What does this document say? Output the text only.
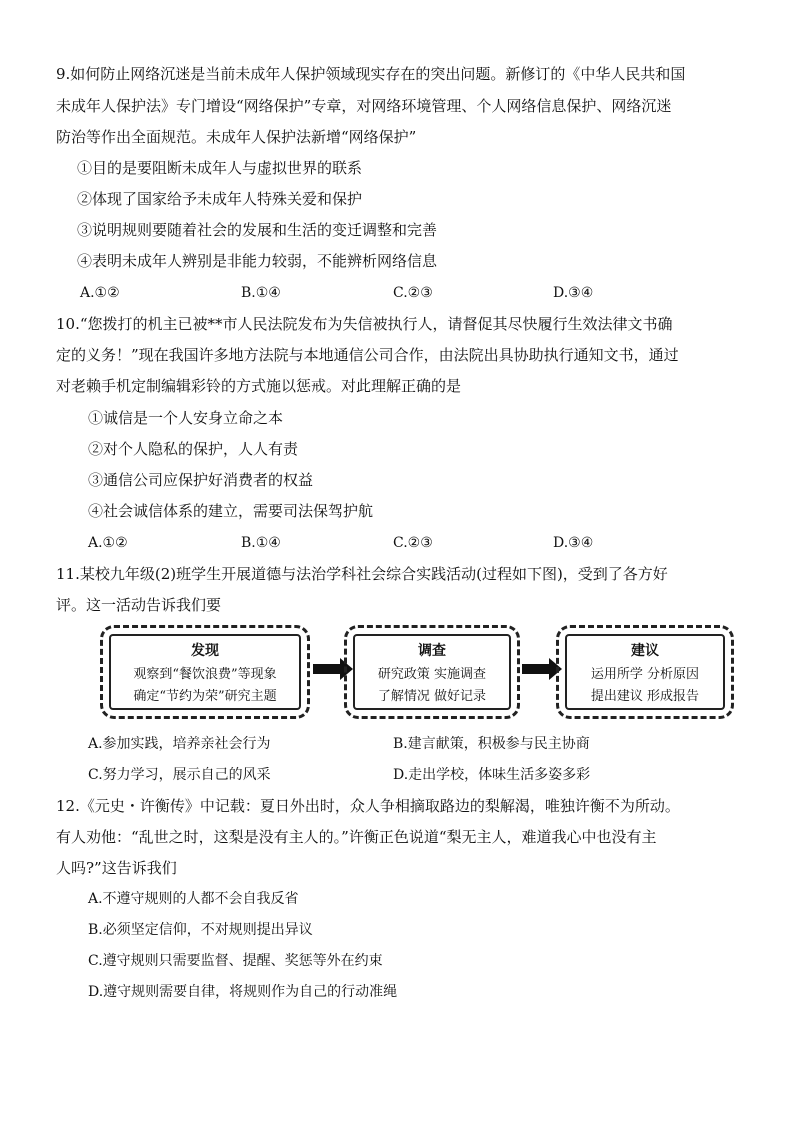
9.如何防止网络沉迷是当前未成年人保护领域现实存在的突出问题。新修订的《中华人民共和国
未成年人保护法》专门增设“网络保护”专章，对网络环境管理、个人网络信息保护、网络沉迷
防治等作出全面规范。未成年人保护法新增“网络保护”
①目的是要阻断未成年人与虚拟世界的联系
②体现了国家给予未成年人特殊关爱和保护
③说明规则要随着社会的发展和生活的变迁调整和完善
④表明未成年人辨别是非能力较弱，不能辨析网络信息
A.①②	B.①④	C.②③	D.③④
10.“您拨打的机主已被**市人民法院发布为失信被执行人，请督促其尽快履行生效法律文书确
定的义务！”现在我国许多地方法院与本地通信公司合作，由法院出具协助执行通知文书，通过
对老赖手机定制编辑彩铃的方式施以惩戒。对此理解正确的是
①诚信是一个人安身立命之本
②对个人隐私的保护，人人有责
③通信公司应保护好消费者的权益
④社会诚信体系的建立，需要司法保驾护航
A.①②	B.①④	C.②③	D.③④
11.某校九年级(2)班学生开展道德与法治学科社会综合实践活动(过程如下图)，受到了各方好
评。这一活动告诉我们要
发现
观察到“餐饮浪费”等现象
确定“节约为荣”研究主题
调查
研究政策 实施调查
了解情况 做好记录
建议
运用所学 分析原因
提出建议 形成报告
A.参加实践，培养亲社会行为	B.建言献策，积极参与民主协商
C.努力学习，展示自己的风采	D.走出学校，体味生活多姿多彩
12.《元史・许衡传》中记载：夏日外出时，众人争相摘取路边的梨解渴，唯独许衡不为所动。
有人劝他：“乱世之时，这梨是没有主人的。”许衡正色说道“梨无主人，难道我心中也没有主
人吗?”这告诉我们
A.不遵守规则的人都不会自我反省
B.必须坚定信仰，不对规则提出异议
C.遵守规则只需要监督、提醒、奖惩等外在约束
D.遵守规则需要自律，将规则作为自己的行动准绳
